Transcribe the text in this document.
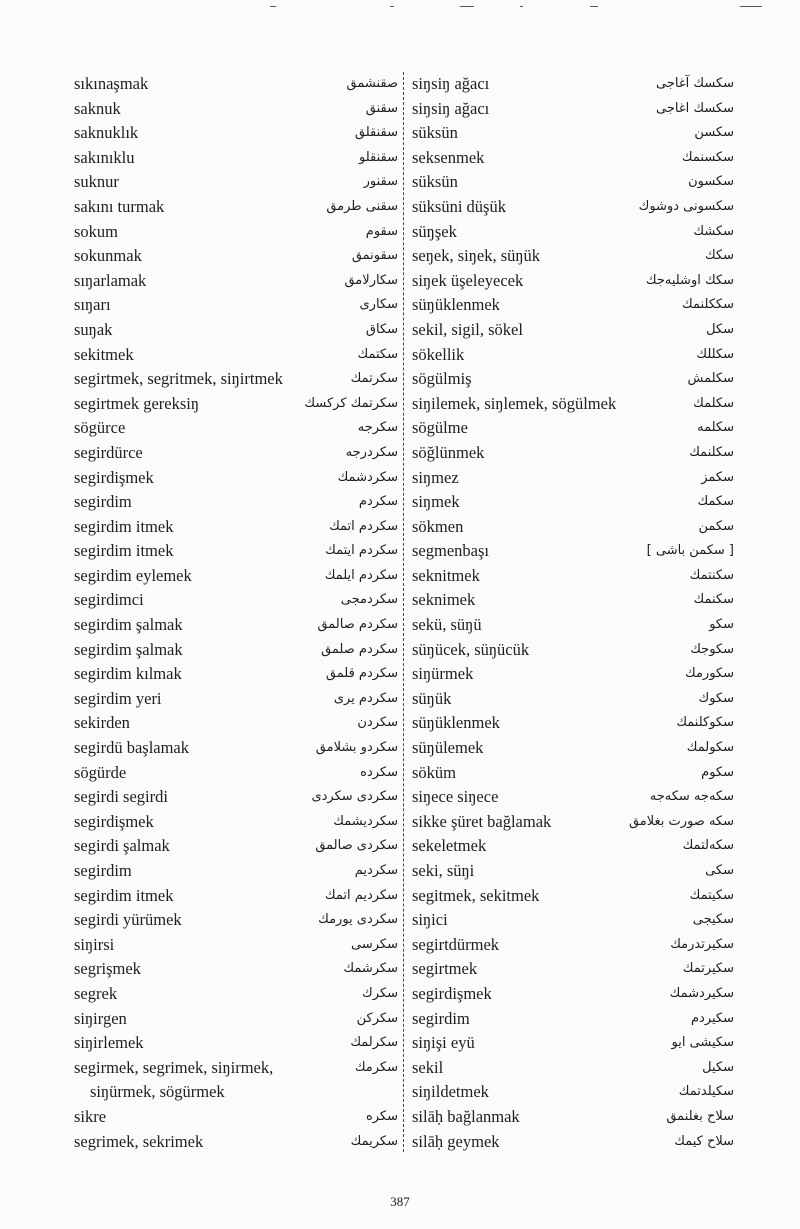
sıkınaşmak	صقنشمق
saknuk	سقنق
saknuklık	سقنقلق
sakınıklu	سقنقلو
suknur	سقنور
sakını turmak	سقنی طرمق
sokum	سقوم
sokunmak	سقونمق
sıŋarlamak	سکارلامق
sıŋarı	سکاری
suŋak	سکاق
sekitmek	سکتمك
segirtmek, segritmek, siŋirtmek	سکرتمك
segirtmek gereksiŋ	سکرتمك کرکسك
sögürce	سکرجه
segirdürce	سکردرجه
segirdişmek	سکردشمك
segirdim	سکردم
segirdim itmek	سکردم اتمك
segirdim itmek	سکردم ایتمك
segirdim eylemek	سکردم ایلمك
segirdimci	سکردمجی
segirdim şalmak	سکردم صالمق
segirdim şalmak	سکردم صلمق
segirdim kılmak	سکردم قلمق
segirdim yeri	سکردم یری
sekirden	سکردن
segirdü başlamak	سکردو بشلامق
sögürde	سکرده
segirdi segirdi	سکردی سکردی
segirdişmek	سکردیشمك
segirdi şalmak	سکردی صالمق
segirdim	سکردیم
segirdim itmek	سکردیم اتمك
segirdi yürümek	سکردی یورمك
siŋirsi	سکرسی
segrişmek	سکرشمك
segrek	سکرك
siŋirgen	سکرکن
siŋirlemek	سکرلمك
segirmek, segrimek, siŋirmek,	سکرمك
siŋürmek, sögürmek
sikre	سکره
segrimek, sekrimek	سکریمك
siŋsiŋ ağacı	سکسك آغاجی
siŋsiŋ ağacı	سکسك اغاجی
süksün	سکسن
seksenmek	سکسنمك
süksün	سکسون
süksüni düşük	سکسونی دوشوك
süŋşek	سکشك
seŋek, siŋek, süŋük	سکك
siŋek üşeleyecek	سکك اوشلیه‌جك
süŋüklenmek	سککلنمك
sekil, sigil, sökel	سکل
sökellik	سکللك
sögülmiş	سکلمش
siŋilemek, siŋlemek, sögülmek	سکلمك
sögülme	سکلمه
söğlünmek	سکلنمك
siŋmez	سکمز
siŋmek	سکمك
sökmen	سکمن
segmenbaşı	[ سکمن باشی ]
seknitmek	سکنتمك
seknimek	سکنمك
sekü, süŋü	سکو
süŋücek, süŋücük	سکوجك
siŋürmek	سکورمك
süŋük	سکوك
süŋüklenmek	سکوکلنمك
süŋülemek	سکولمك
söküm	سکوم
siŋece siŋece	سکه‌جه سکه‌جه
sikke şüret bağlamak	سکه صورت بغلامق
sekeletmek	سکه‌لتمك
seki, süŋi	سکی
segitmek, sekitmek	سکیتمك
siŋici	سکیجی
segirtdürmek	سکیرتدرمك
segirtmek	سکیرتمك
segirdişmek	سکیردشمك
segirdim	سکیردم
siŋişi eyü	سکیشی ایو
sekil	سکیل
siŋildetmek	سکیلدتمك
silāḥ bağlanmak	سلاح بغلنمق
silāḥ geymek	سلاح کیمك
387
